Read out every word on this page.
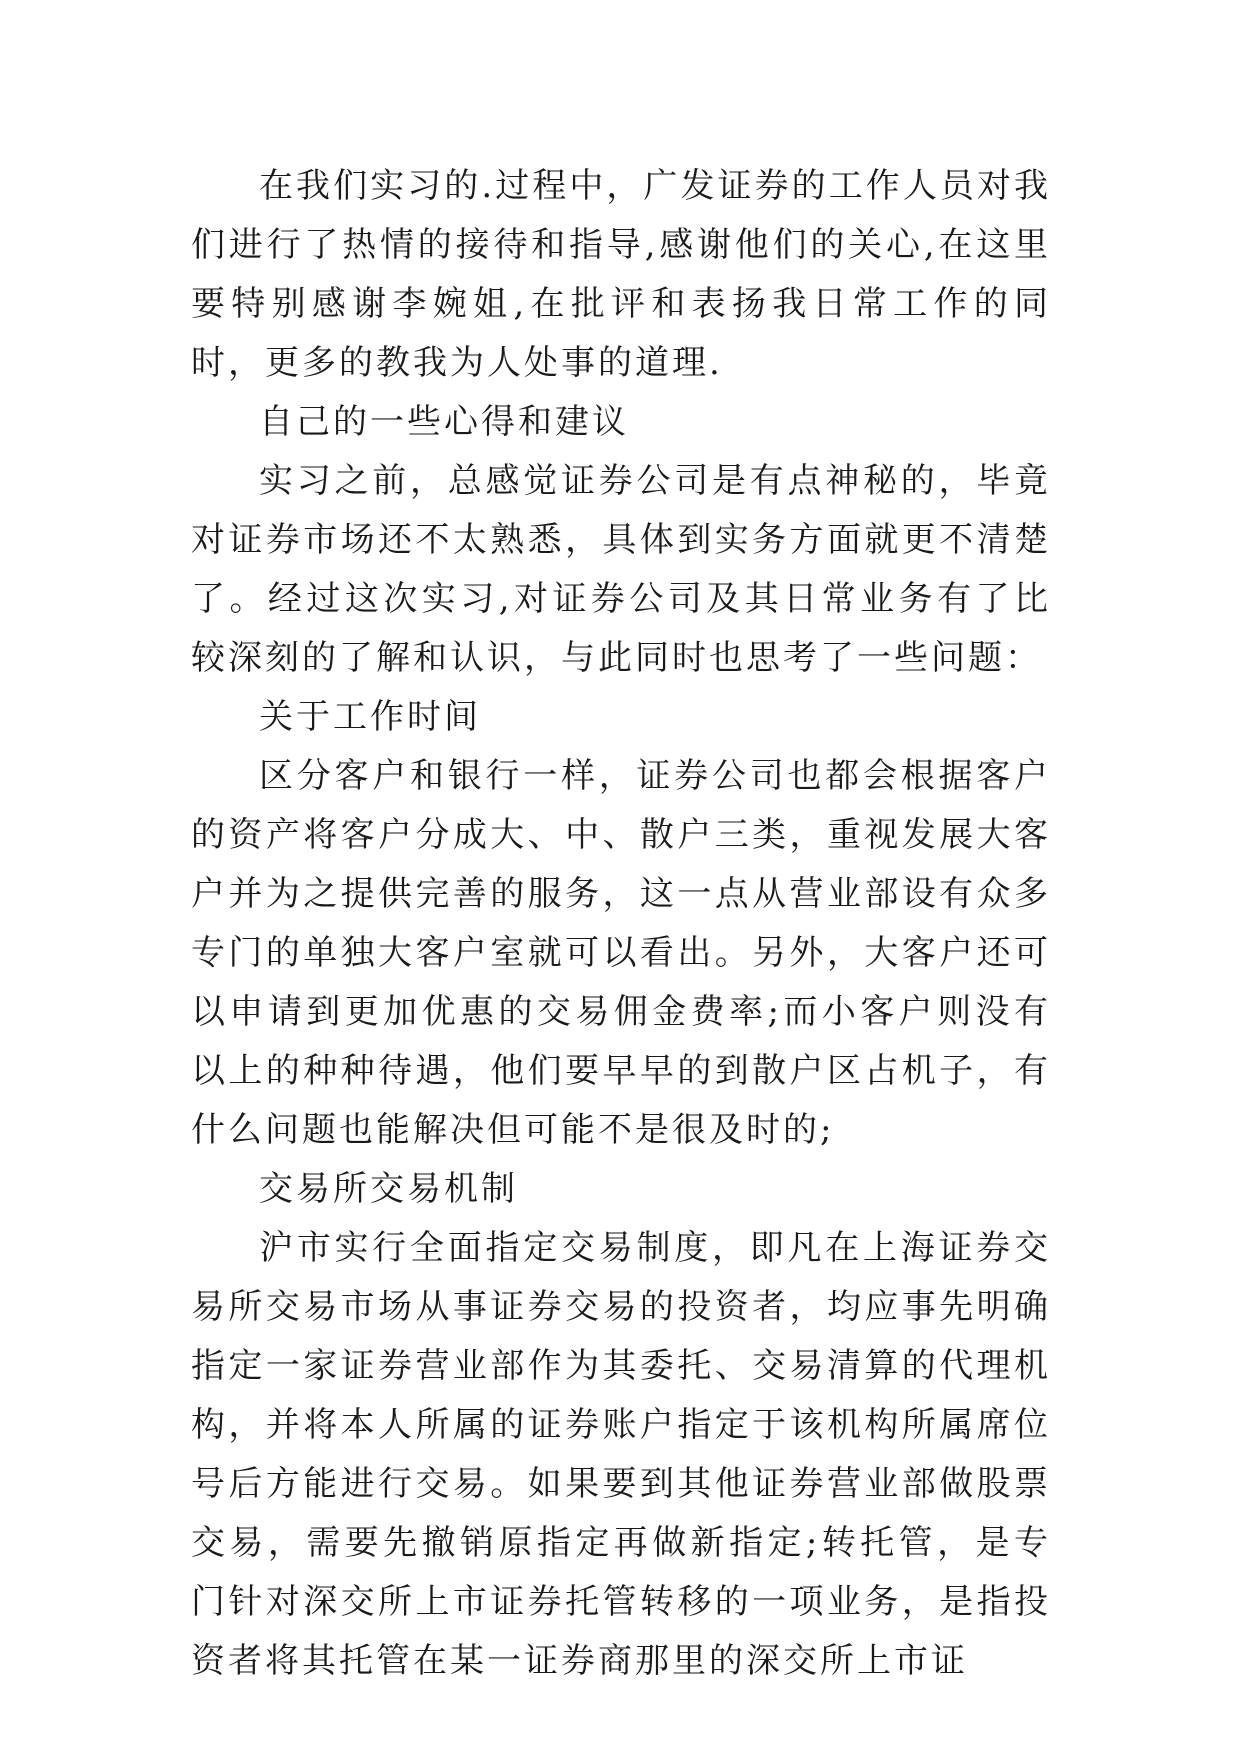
在我们实习的.过程中，广发证券的工作人员对我们进行了热情的接待和指导,感谢他们的关心,在这里要特别感谢李婉姐,在批评和表扬我日常工作的同时，更多的教我为人处事的道理.

自己的一些心得和建议

实习之前，总感觉证券公司是有点神秘的，毕竟对证券市场还不太熟悉，具体到实务方面就更不清楚了。经过这次实习,对证券公司及其日常业务有了比较深刻的了解和认识，与此同时也思考了一些问题：

关于工作时间

区分客户和银行一样，证券公司也都会根据客户的资产将客户分成大、中、散户三类，重视发展大客户并为之提供完善的服务，这一点从营业部设有众多专门的单独大客户室就可以看出。另外，大客户还可以申请到更加优惠的交易佣金费率;而小客户则没有以上的种种待遇，他们要早早的到散户区占机子，有什么问题也能解决但可能不是很及时的;

交易所交易机制

沪市实行全面指定交易制度，即凡在上海证券交易所交易市场从事证券交易的投资者，均应事先明确指定一家证券营业部作为其委托、交易清算的代理机构，并将本人所属的证券账户指定于该机构所属席位号后方能进行交易。如果要到其他证券营业部做股票交易，需要先撤销原指定再做新指定;转托管，是专门针对深交所上市证券托管转移的一项业务，是指投资者将其托管在某一证券商那里的深交所上市证
